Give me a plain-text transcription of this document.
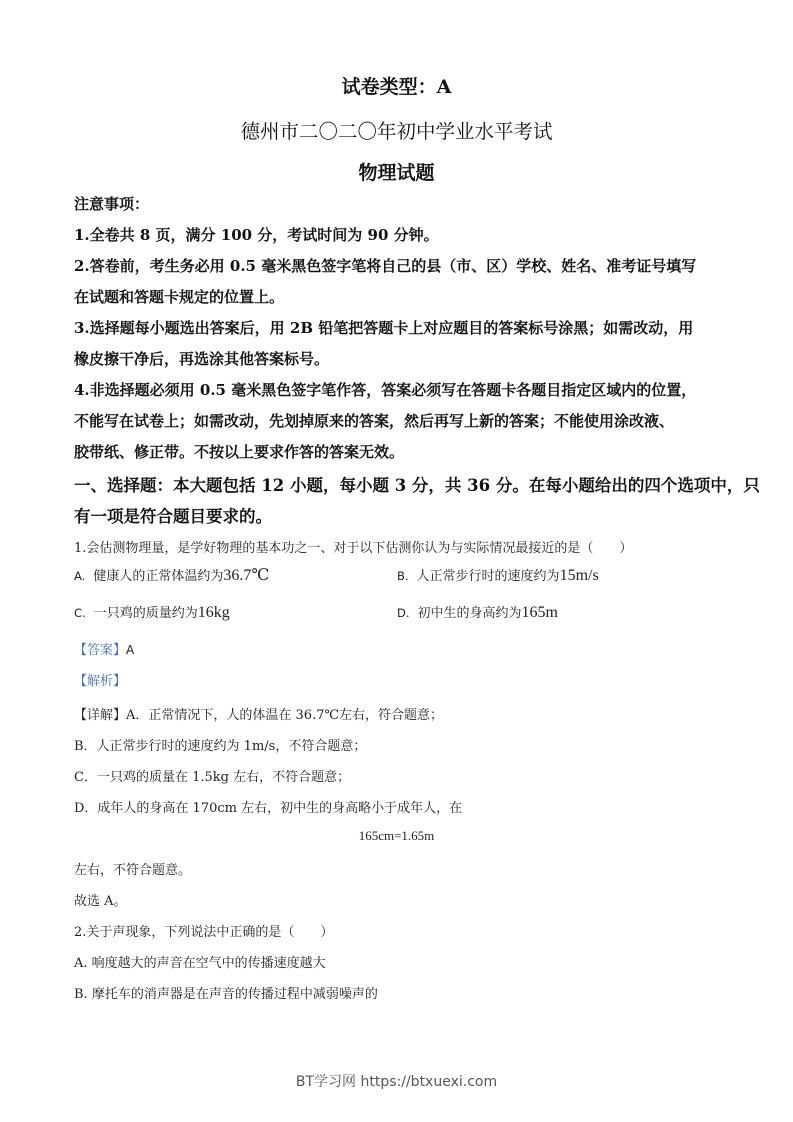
试卷类型：A
德州市二〇二〇年初中学业水平考试
物理试题
注意事项：
1.全卷共 8 页，满分 100 分，考试时间为 90 分钟。
2.答卷前，考生务必用 0.5 毫米黑色签字笔将自己的县（市、区）学校、姓名、准考证号填写
在试题和答题卡规定的位置上。
3.选择题每小题选出答案后，用 2B 铅笔把答题卡上对应题目的答案标号涂黑；如需改动，用
橡皮擦干净后，再选涂其他答案标号。
4.非选择题必须用 0.5 毫米黑色签字笔作答，答案必须写在答题卡各题目指定区域内的位置，
不能写在试卷上；如需改动，先划掉原来的答案，然后再写上新的答案；不能使用涂改液、
胶带纸、修正带。不按以上要求作答的答案无效。
一、选择题：本大题包括 12 小题，每小题 3 分，共 36 分。在每小题给出的四个选项中，只
有一项是符合题目要求的。
1.会估测物理量，是学好物理的基本功之一、对于以下估测你认为与实际情况最接近的是（　　）
A. 健康人的正常体温约为36.7℃	B. 人正常步行时的速度约为15m/s
C. 一只鸡的质量约为16kg	D. 初中生的身高约为165m
【答案】A
【解析】
【详解】A．正常情况下，人的体温在 36.7℃左右，符合题意；
B．人正常步行时的速度约为 1m/s，不符合题意；
C．一只鸡的质量在 1.5kg 左右，不符合题意；
D．成年人的身高在 170cm 左右，初中生的身高略小于成年人，在
165cm=1.65m
左右，不符合题意。
故选 A。
2.关于声现象，下列说法中正确的是（　　）
A. 响度越大的声音在空气中的传播速度越大
B. 摩托车的消声器是在声音的传播过程中减弱噪声的
BT学习网 https://btxuexi.com
